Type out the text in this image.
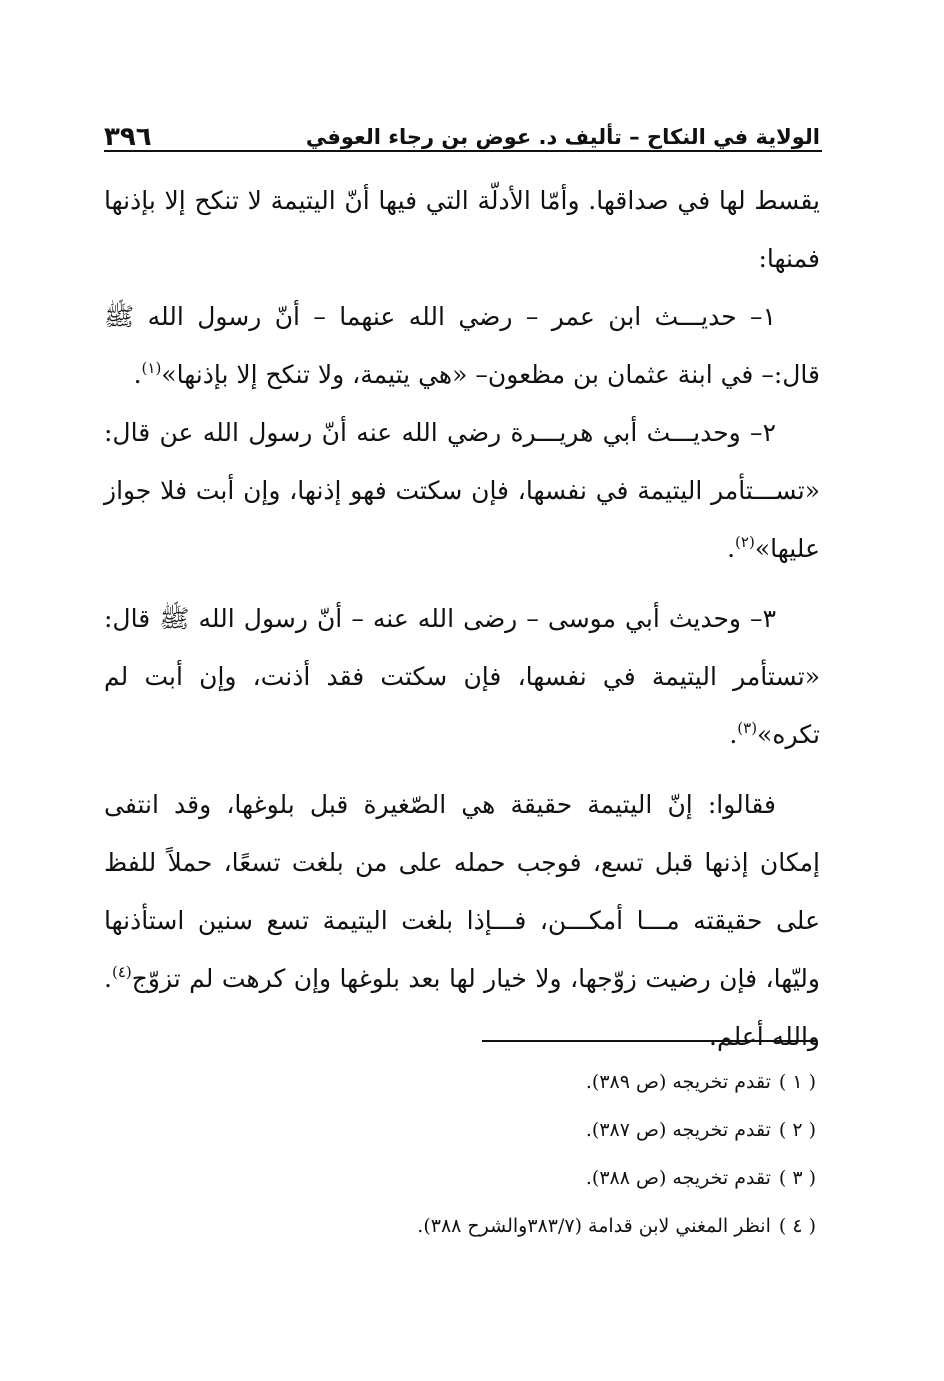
الولاية في النكاح – تأليف د. عوض بن رجاء العوفي
٣٩٦

يقسط لها في صداقها. وأمّا الأدلّة التي فيها أنّ اليتيمة لا تنكح إلا بإذنها فمنها:

١– حديـــث ابن عمر – رضي الله عنهما – أنّ رسول الله ﷺ قال:– في ابنة عثمان بن مظعون– «هي يتيمة، ولا تنكح إلا بإذنها»$^{(١)}$.

٢– وحديـــث أبي هريـــرة رضي الله عنه أنّ رسول الله عن قال: «تســـتأمر اليتيمة في نفسها، فإن سكتت فهو إذنها، وإن أبت فلا جواز عليها»$^{(٢)}$.

٣– وحديث أبي موسى – رضى الله عنه – أنّ رسول الله ﷺ قال: «تستأمر اليتيمة في نفسها، فإن سكتت فقد أذنت، وإن أبت لم تكره»$^{(٣)}$.

فقالوا: إنّ اليتيمة حقيقة هي الصّغيرة قبل بلوغها، وقد انتفى إمكان إذنها قبل تسع، فوجب حمله على من بلغت تسعًا، حملاً للفظ على حقيقته مـــا أمكـــن، فـــإذا بلغت اليتيمة تسع سنين استأذنها وليّها، فإن رضيت زوّجها، ولا خيار لها بعد بلوغها وإن كرهت لم تزوّج$^{(٤)}$. والله أعلم.

( ١ )تقدم تخريجه (ص ٣٨٩).
( ٢ )تقدم تخريجه (ص ٣٨٧).
( ٣ )تقدم تخريجه (ص ٣٨٨).
( ٤ )انظر المغني لابن قدامة (٣٨٣/٧والشرح ٣٨٨).
